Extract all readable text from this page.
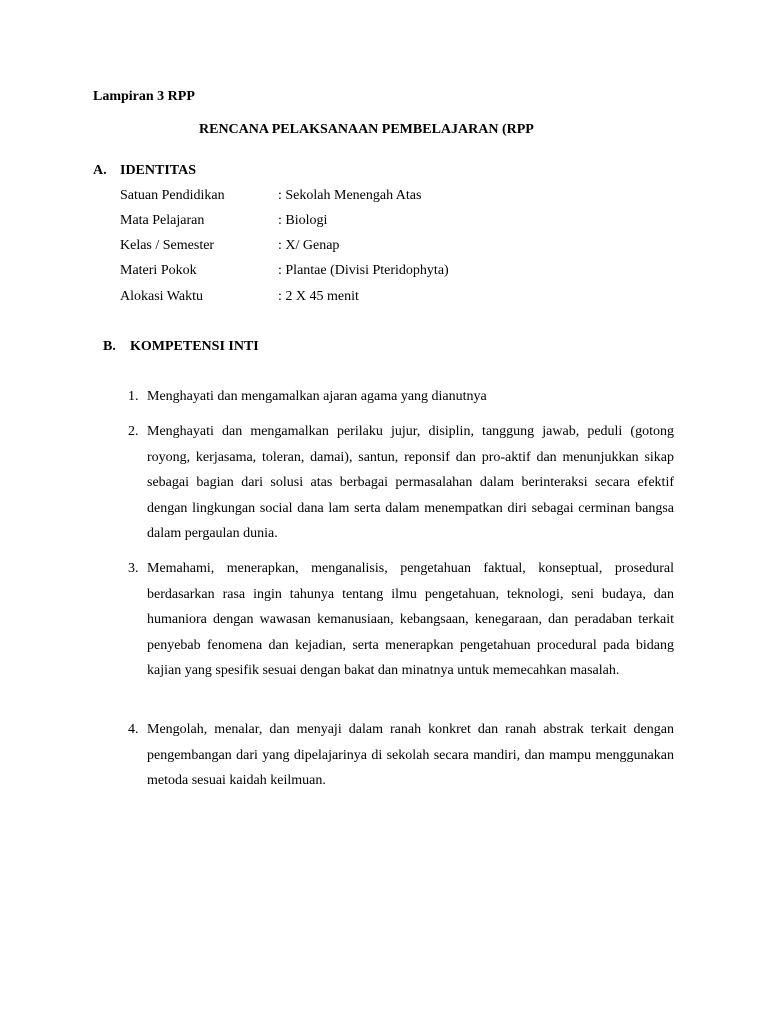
Lampiran 3 RPP
RENCANA PELAKSANAAN PEMBELAJARAN (RPP
A. IDENTITAS
Satuan Pendidikan	: Sekolah Menengah Atas
Mata Pelajaran	: Biologi
Kelas / Semester	: X/ Genap
Materi Pokok	: Plantae (Divisi Pteridophyta)
Alokasi Waktu	: 2 X 45 menit
B. KOMPETENSI INTI
1. Menghayati dan mengamalkan ajaran agama yang dianutnya
2. Menghayati dan mengamalkan perilaku jujur, disiplin, tanggung jawab, peduli (gotong royong, kerjasama, toleran, damai), santun, reponsif dan pro-aktif dan menunjukkan sikap sebagai bagian dari solusi atas berbagai permasalahan dalam berinteraksi secara efektif dengan lingkungan social dana lam serta dalam menempatkan diri sebagai cerminan bangsa dalam pergaulan dunia.
3. Memahami, menerapkan, menganalisis, pengetahuan faktual, konseptual, prosedural berdasarkan rasa ingin tahunya tentang ilmu pengetahuan, teknologi, seni budaya, dan humaniora dengan wawasan kemanusiaan, kebangsaan, kenegaraan, dan peradaban terkait penyebab fenomena dan kejadian, serta menerapkan pengetahuan procedural pada bidang kajian yang spesifik sesuai dengan bakat dan minatnya untuk memecahkan masalah.
4. Mengolah, menalar, dan menyaji dalam ranah konkret dan ranah abstrak terkait dengan pengembangan dari yang dipelajarinya di sekolah secara mandiri, dan mampu menggunakan metoda sesuai kaidah keilmuan.
